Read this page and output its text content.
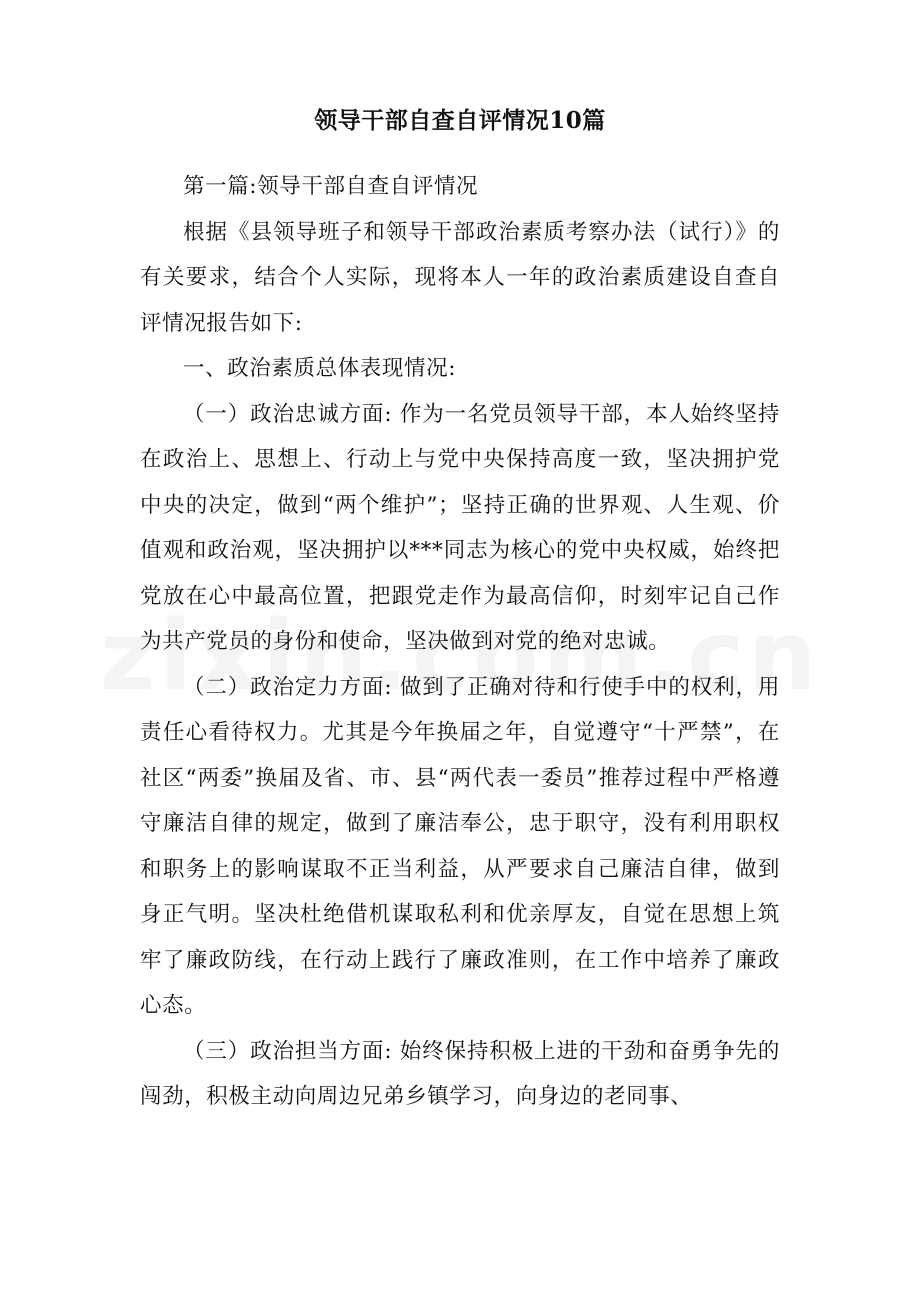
领导干部自查自评情况10篇

第一篇:领导干部自查自评情况

根据《县领导班子和领导干部政治素质考察办法（试行）》的有关要求，结合个人实际，现将本人一年的政治素质建设自查自评情况报告如下:

一、政治素质总体表现情况:

（一）政治忠诚方面: 作为一名党员领导干部，本人始终坚持在政治上、思想上、行动上与党中央保持高度一致，坚决拥护党中央的决定，做到“两个维护”；坚持正确的世界观、人生观、价值观和政治观，坚决拥护以***同志为核心的党中央权威，始终把党放在心中最高位置，把跟党走作为最高信仰，时刻牢记自己作为共产党员的身份和使命，坚决做到对党的绝对忠诚。

（二）政治定力方面: 做到了正确对待和行使手中的权利，用责任心看待权力。尤其是今年换届之年，自觉遵守“十严禁”，在社区“两委”换届及省、市、县“两代表一委员”推荐过程中严格遵守廉洁自律的规定，做到了廉洁奉公，忠于职守，没有利用职权和职务上的影响谋取不正当利益，从严要求自己廉洁自律，做到身正气明。坚决杜绝借机谋取私利和优亲厚友，自觉在思想上筑牢了廉政防线，在行动上践行了廉政准则，在工作中培养了廉政心态。

（三）政治担当方面: 始终保持积极上进的干劲和奋勇争先的闯劲，积极主动向周边兄弟乡镇学习，向身边的老同事、
